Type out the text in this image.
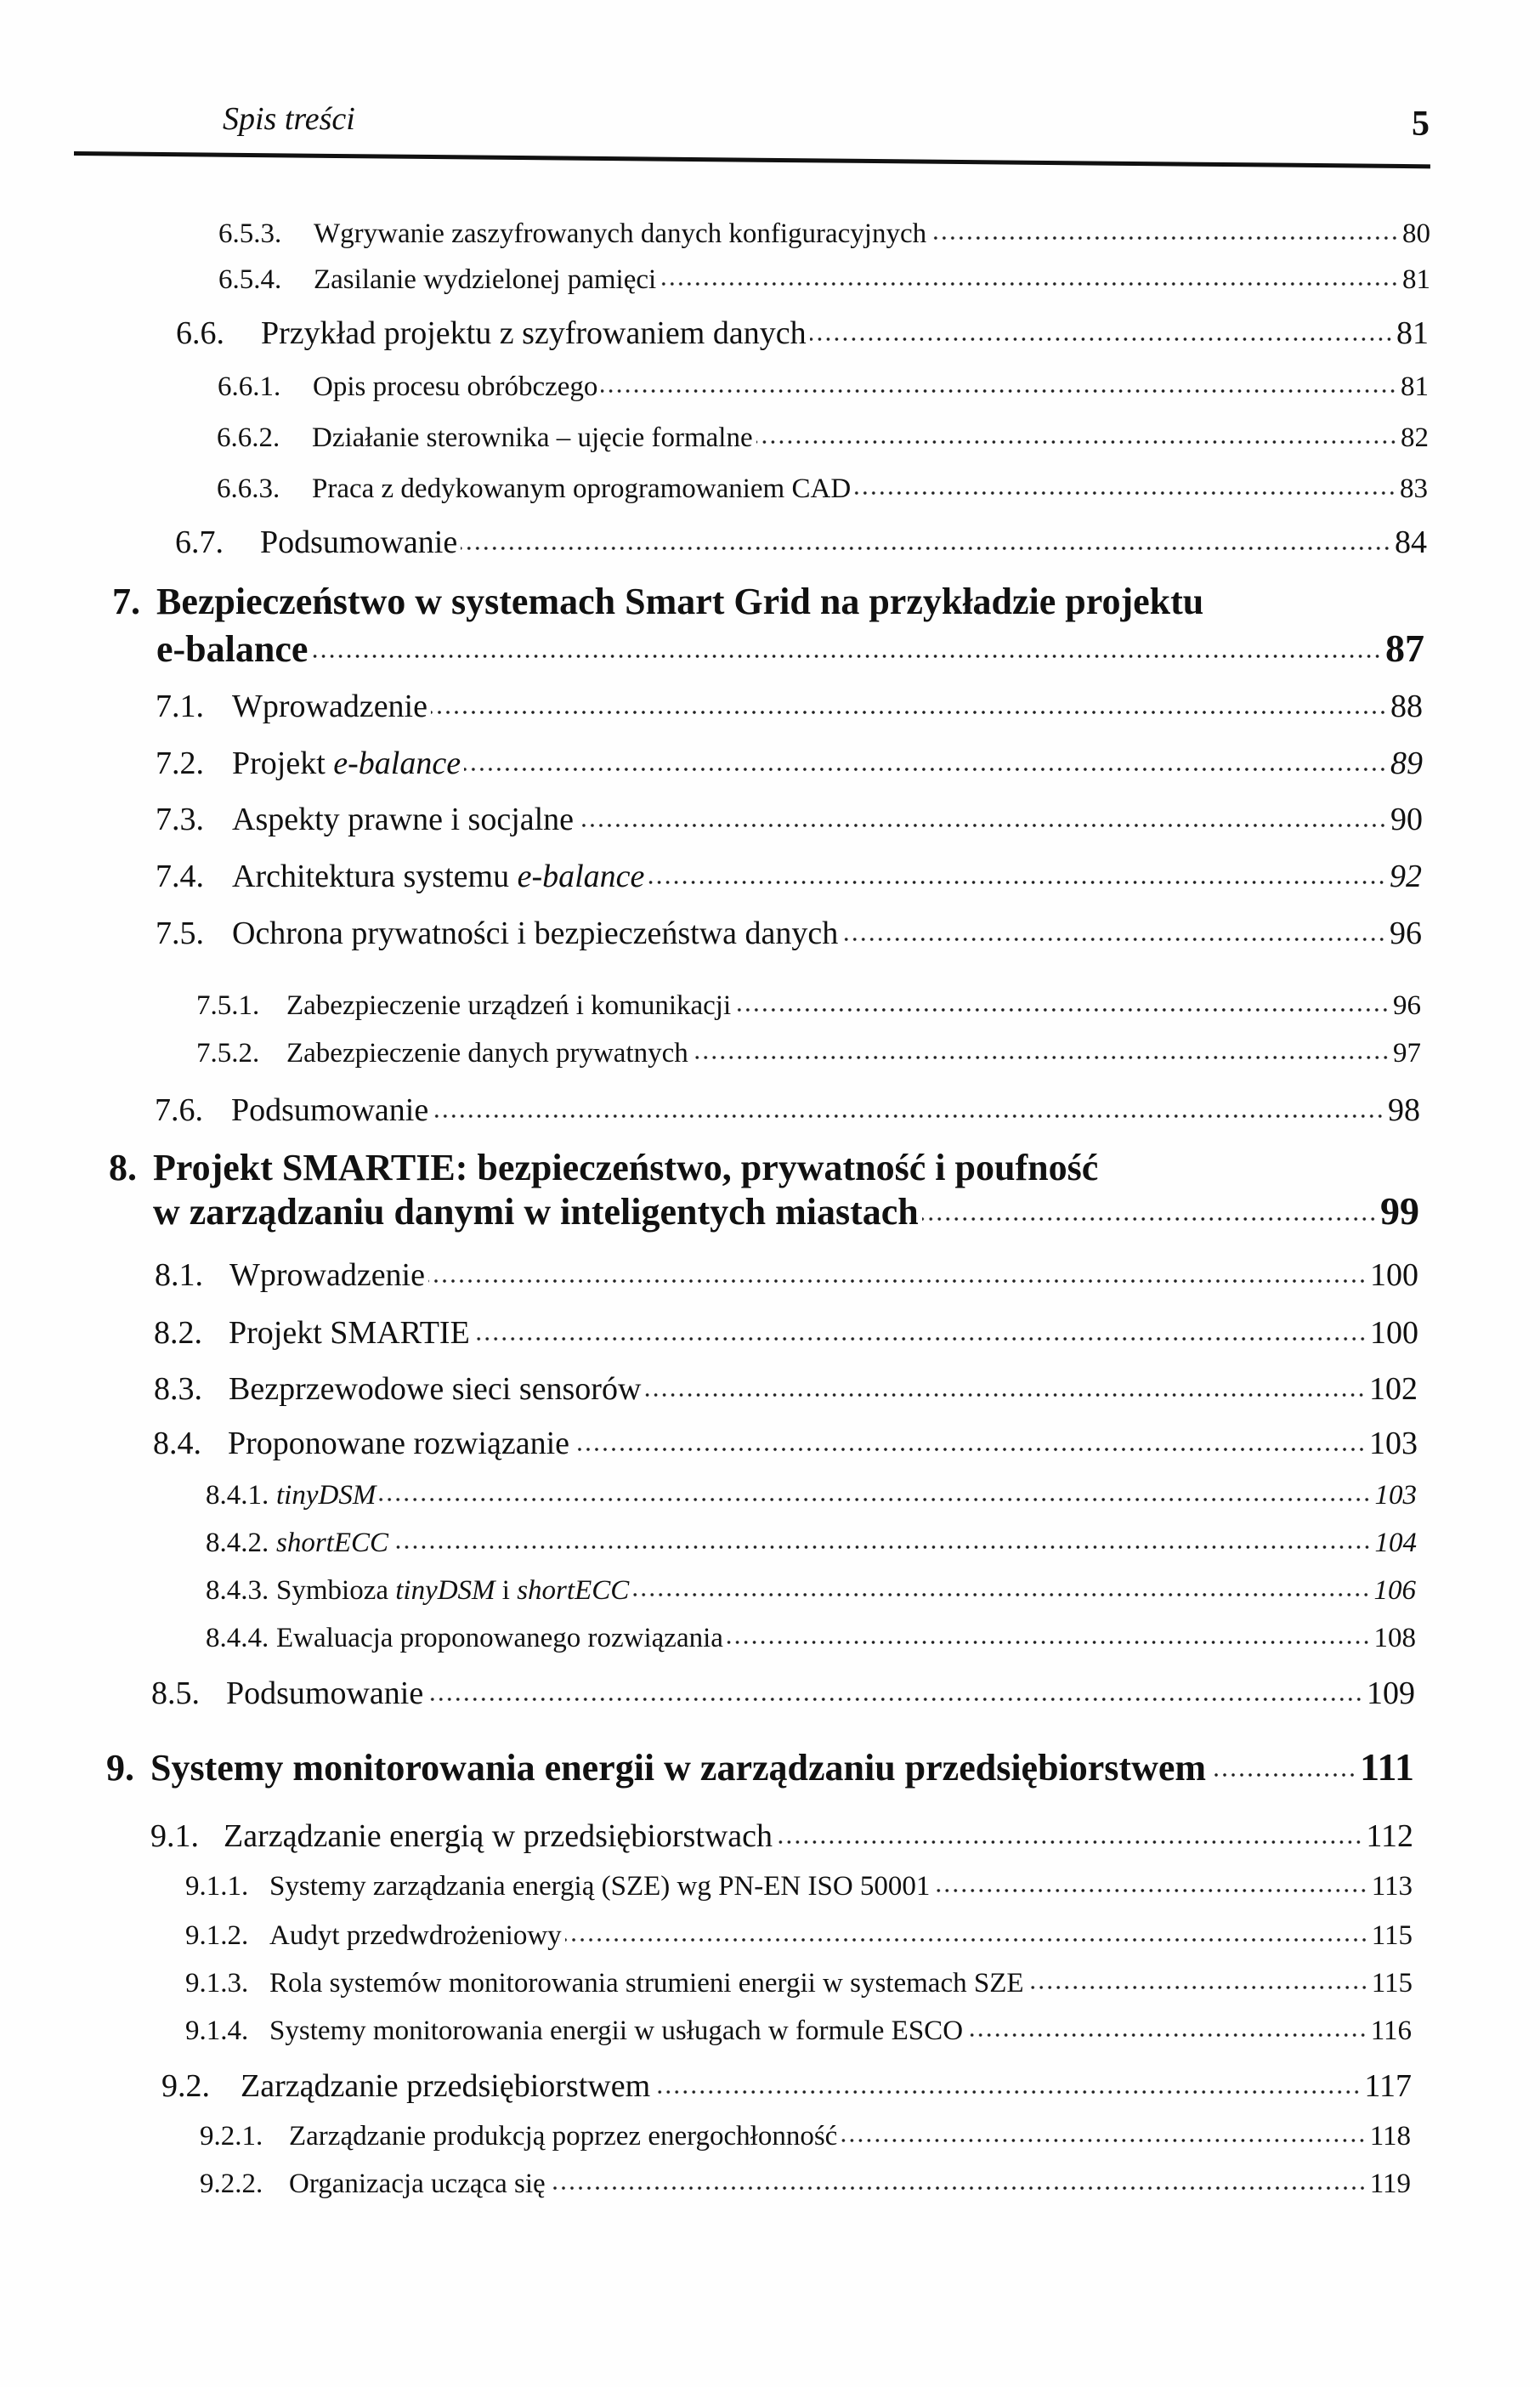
Spis treści	5
6.5.3.	Wgrywanie zaszyfrowanych danych konfiguracyjnych	80
6.5.4.	Zasilanie wydzielonej pamięci	81
6.6.	Przykład projektu z szyfrowaniem danych	81
6.6.1.	Opis procesu obróbczego	81
6.6.2.	Działanie sterownika – ujęcie formalne	82
6.6.3.	Praca z dedykowanym oprogramowaniem CAD	83
6.7.	Podsumowanie	84
7. Bezpieczeństwo w systemach Smart Grid na przykładzie projektu
e-balance	87
7.1. Wprowadzenie	88
7.2. Projekt e-balance	89
7.3. Aspekty prawne i socjalne	90
7.4. Architektura systemu e-balance	92
7.5. Ochrona prywatności i bezpieczeństwa danych	96
7.5.1. Zabezpieczenie urządzeń i komunikacji	96
7.5.2. Zabezpieczenie danych prywatnych	97
7.6. Podsumowanie	98
8. Projekt SMARTIE: bezpieczeństwo, prywatność i poufność
w zarządzaniu danymi w inteligentych miastach	99
8.1. Wprowadzenie	100
8.2. Projekt SMARTIE	100
8.3. Bezprzewodowe sieci sensorów	102
8.4. Proponowane rozwiązanie	103
8.4.1. tinyDSM	103
8.4.2. shortECC	104
8.4.3. Symbioza tinyDSM i shortECC	106
8.4.4. Ewaluacja proponowanego rozwiązania	108
8.5. Podsumowanie	109
9. Systemy monitorowania energii w zarządzaniu przedsiębiorstwem	111
9.1. Zarządzanie energią w przedsiębiorstwach	112
9.1.1. Systemy zarządzania energią (SZE) wg PN-EN ISO 50001	113
9.1.2. Audyt przedwdrożeniowy	115
9.1.3. Rola systemów monitorowania strumieni energii w systemach SZE	115
9.1.4. Systemy monitorowania energii w usługach w formule ESCO	116
9.2. Zarządzanie przedsiębiorstwem	117
9.2.1. Zarządzanie produkcją poprzez energochłonność	118
9.2.2. Organizacja ucząca się	119
